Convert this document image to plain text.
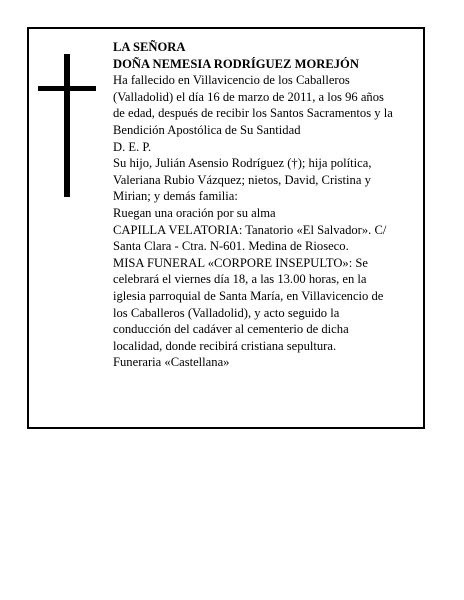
LA SEÑORA
DOÑA NEMESIA RODRÍGUEZ MOREJÓN
Ha fallecido en Villavicencio de los Caballeros
(Valladolid) el día 16 de marzo de 2011, a los 96 años
de edad, después de recibir los Santos Sacramentos y la
Bendición Apostólica de Su Santidad
D. E. P.
Su hijo, Julián Asensio Rodríguez (†); hija política,
Valeriana Rubio Vázquez; nietos, David, Cristina y
Mirian; y demás familia:
Ruegan una oración por su alma
CAPILLA VELATORIA: Tanatorio «El Salvador». C/
Santa Clara - Ctra. N-601. Medina de Rioseco.
MISA FUNERAL «CORPORE INSEPULTO»: Se
celebrará el viernes día 18, a las 13.00 horas, en la
iglesia parroquial de Santa María, en Villavicencio de
los Caballeros (Valladolid), y acto seguido la
conducción del cadáver al cementerio de dicha
localidad, donde recibirá cristiana sepultura.
Funeraria «Castellana»
